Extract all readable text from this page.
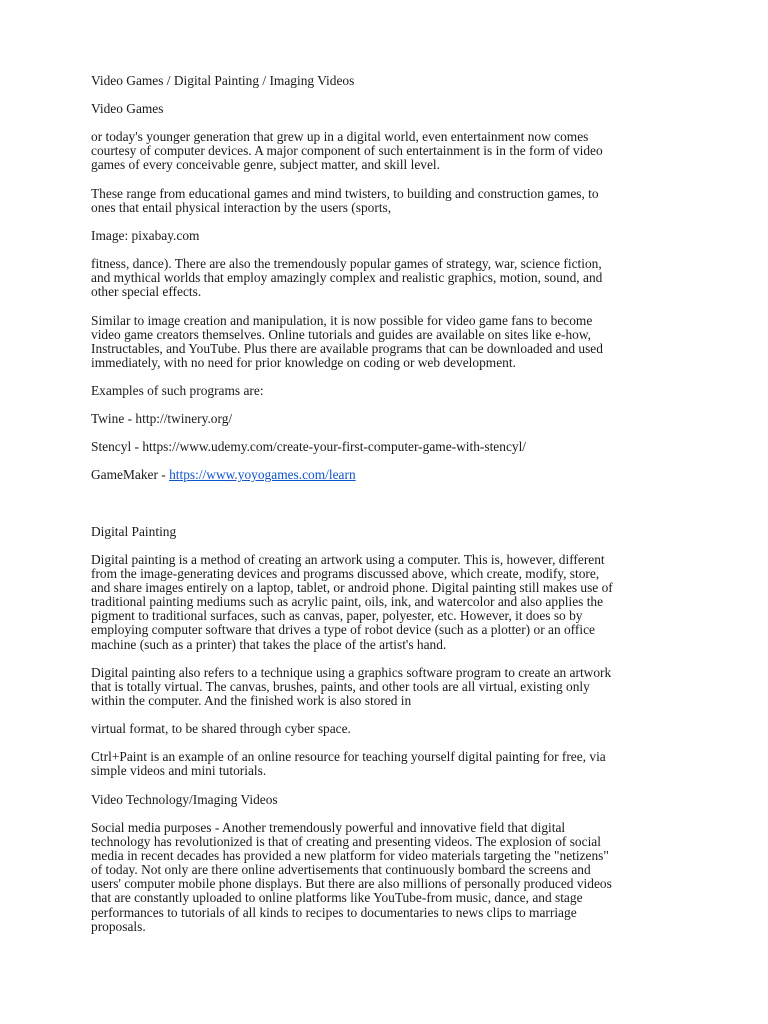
Video Games / Digital Painting / Imaging Videos

Video Games

or today's younger generation that grew up in a digital world, even entertainment now comes
courtesy of computer devices. A major component of such entertainment is in the form of video
games of every conceivable genre, subject matter, and skill level.

These range from educational games and mind twisters, to building and construction games, to
ones that entail physical interaction by the users (sports,

Image: pixabay.com

fitness, dance). There are also the tremendously popular games of strategy, war, science fiction,
and mythical worlds that employ amazingly complex and realistic graphics, motion, sound, and
other special effects.

Similar to image creation and manipulation, it is now possible for video game fans to become
video game creators themselves. Online tutorials and guides are available on sites like e-how,
Instructables, and YouTube. Plus there are available programs that can be downloaded and used
immediately, with no need for prior knowledge on coding or web development.

Examples of such programs are:

Twine - http://twinery.org/

Stencyl - https://www.udemy.com/create-your-first-computer-game-with-stencyl/

GameMaker - https://www.yoyogames.com/learn

Digital Painting

Digital painting is a method of creating an artwork using a computer. This is, however, different
from the image-generating devices and programs discussed above, which create, modify, store,
and share images entirely on a laptop, tablet, or android phone. Digital painting still makes use of
traditional painting mediums such as acrylic paint, oils, ink, and watercolor and also applies the
pigment to traditional surfaces, such as canvas, paper, polyester, etc. However, it does so by
employing computer software that drives a type of robot device (such as a plotter) or an office
machine (such as a printer) that takes the place of the artist's hand.

Digital painting also refers to a technique using a graphics software program to create an artwork
that is totally virtual. The canvas, brushes, paints, and other tools are all virtual, existing only
within the computer. And the finished work is also stored in

virtual format, to be shared through cyber space.

Ctrl+Paint is an example of an online resource for teaching yourself digital painting for free, via
simple videos and mini tutorials.

Video Technology/Imaging Videos

Social media purposes - Another tremendously powerful and innovative field that digital
technology has revolutionized is that of creating and presenting videos. The explosion of social
media in recent decades has provided a new platform for video materials targeting the "netizens"
of today. Not only are there online advertisements that continuously bombard the screens and
users' computer mobile phone displays. But there are also millions of personally produced videos
that are constantly uploaded to online platforms like YouTube-from music, dance, and stage
performances to tutorials of all kinds to recipes to documentaries to news clips to marriage
proposals.
